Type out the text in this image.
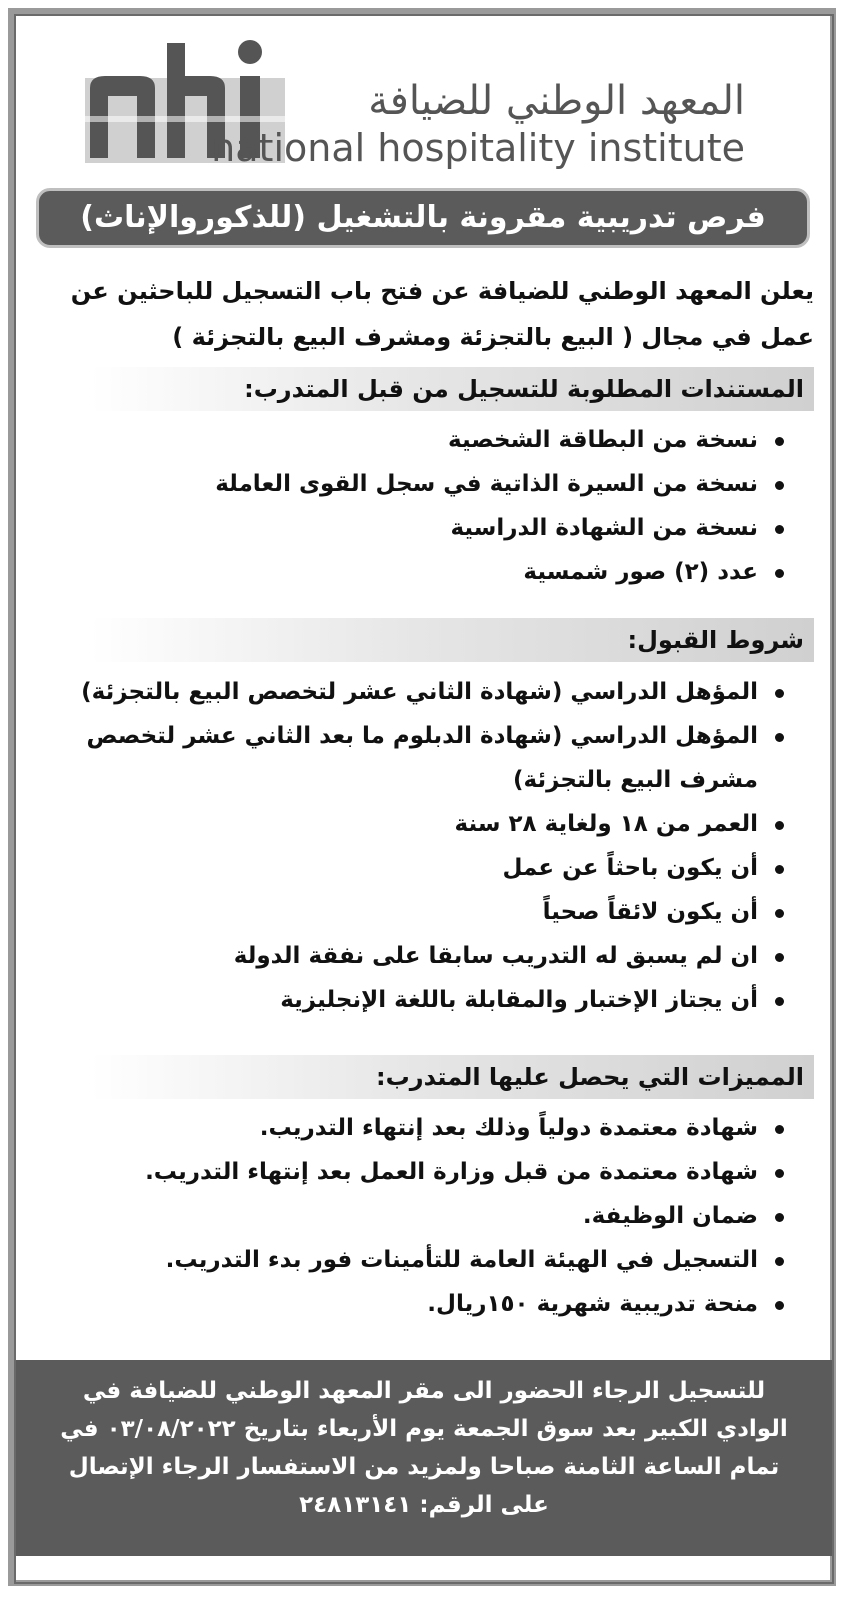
المعهد الوطني للضيافة
national hospitality institute
فرص تدريبية مقرونة بالتشغيل (للذكوروالإناث)
يعلن المعهد الوطني للضيافة عن فتح باب التسجيل للباحثين عن عمل في مجال ( البيع بالتجزئة ومشرف البيع بالتجزئة )
المستندات المطلوبة للتسجيل من قبل المتدرب:
نسخة من البطاقة الشخصية
نسخة من السيرة الذاتية في سجل القوى العاملة
نسخة من الشهادة الدراسية
عدد (٢) صور شمسية
شروط القبول:
المؤهل الدراسي (شهادة الثاني عشر لتخصص البيع بالتجزئة)
المؤهل الدراسي (شهادة الدبلوم ما بعد الثاني عشر لتخصص مشرف البيع بالتجزئة)
العمر من ١٨ ولغاية ٢٨ سنة
أن يكون باحثاً عن عمل
أن يكون لائقاً صحياً
ان لم يسبق له التدريب سابقا على نفقة الدولة
أن يجتاز الإختبار والمقابلة باللغة الإنجليزية
المميزات التي يحصل عليها المتدرب:
شهادة معتمدة دولياً وذلك بعد إنتهاء التدريب.
شهادة معتمدة من قبل وزارة العمل بعد إنتهاء التدريب.
ضمان الوظيفة.
التسجيل في الهيئة العامة للتأمينات فور بدء التدريب.
منحة تدريبية شهرية ١٥٠ريال.
للتسجيل الرجاء الحضور الى مقر المعهد الوطني للضيافة في الوادي الكبير بعد سوق الجمعة يوم الأربعاء بتاريخ ٠٣/٠٨/٢٠٢٢ في تمام الساعة الثامنة صباحا ولمزيد من الاستفسار الرجاء الإتصال على الرقم: ٢٤٨١٣١٤١
